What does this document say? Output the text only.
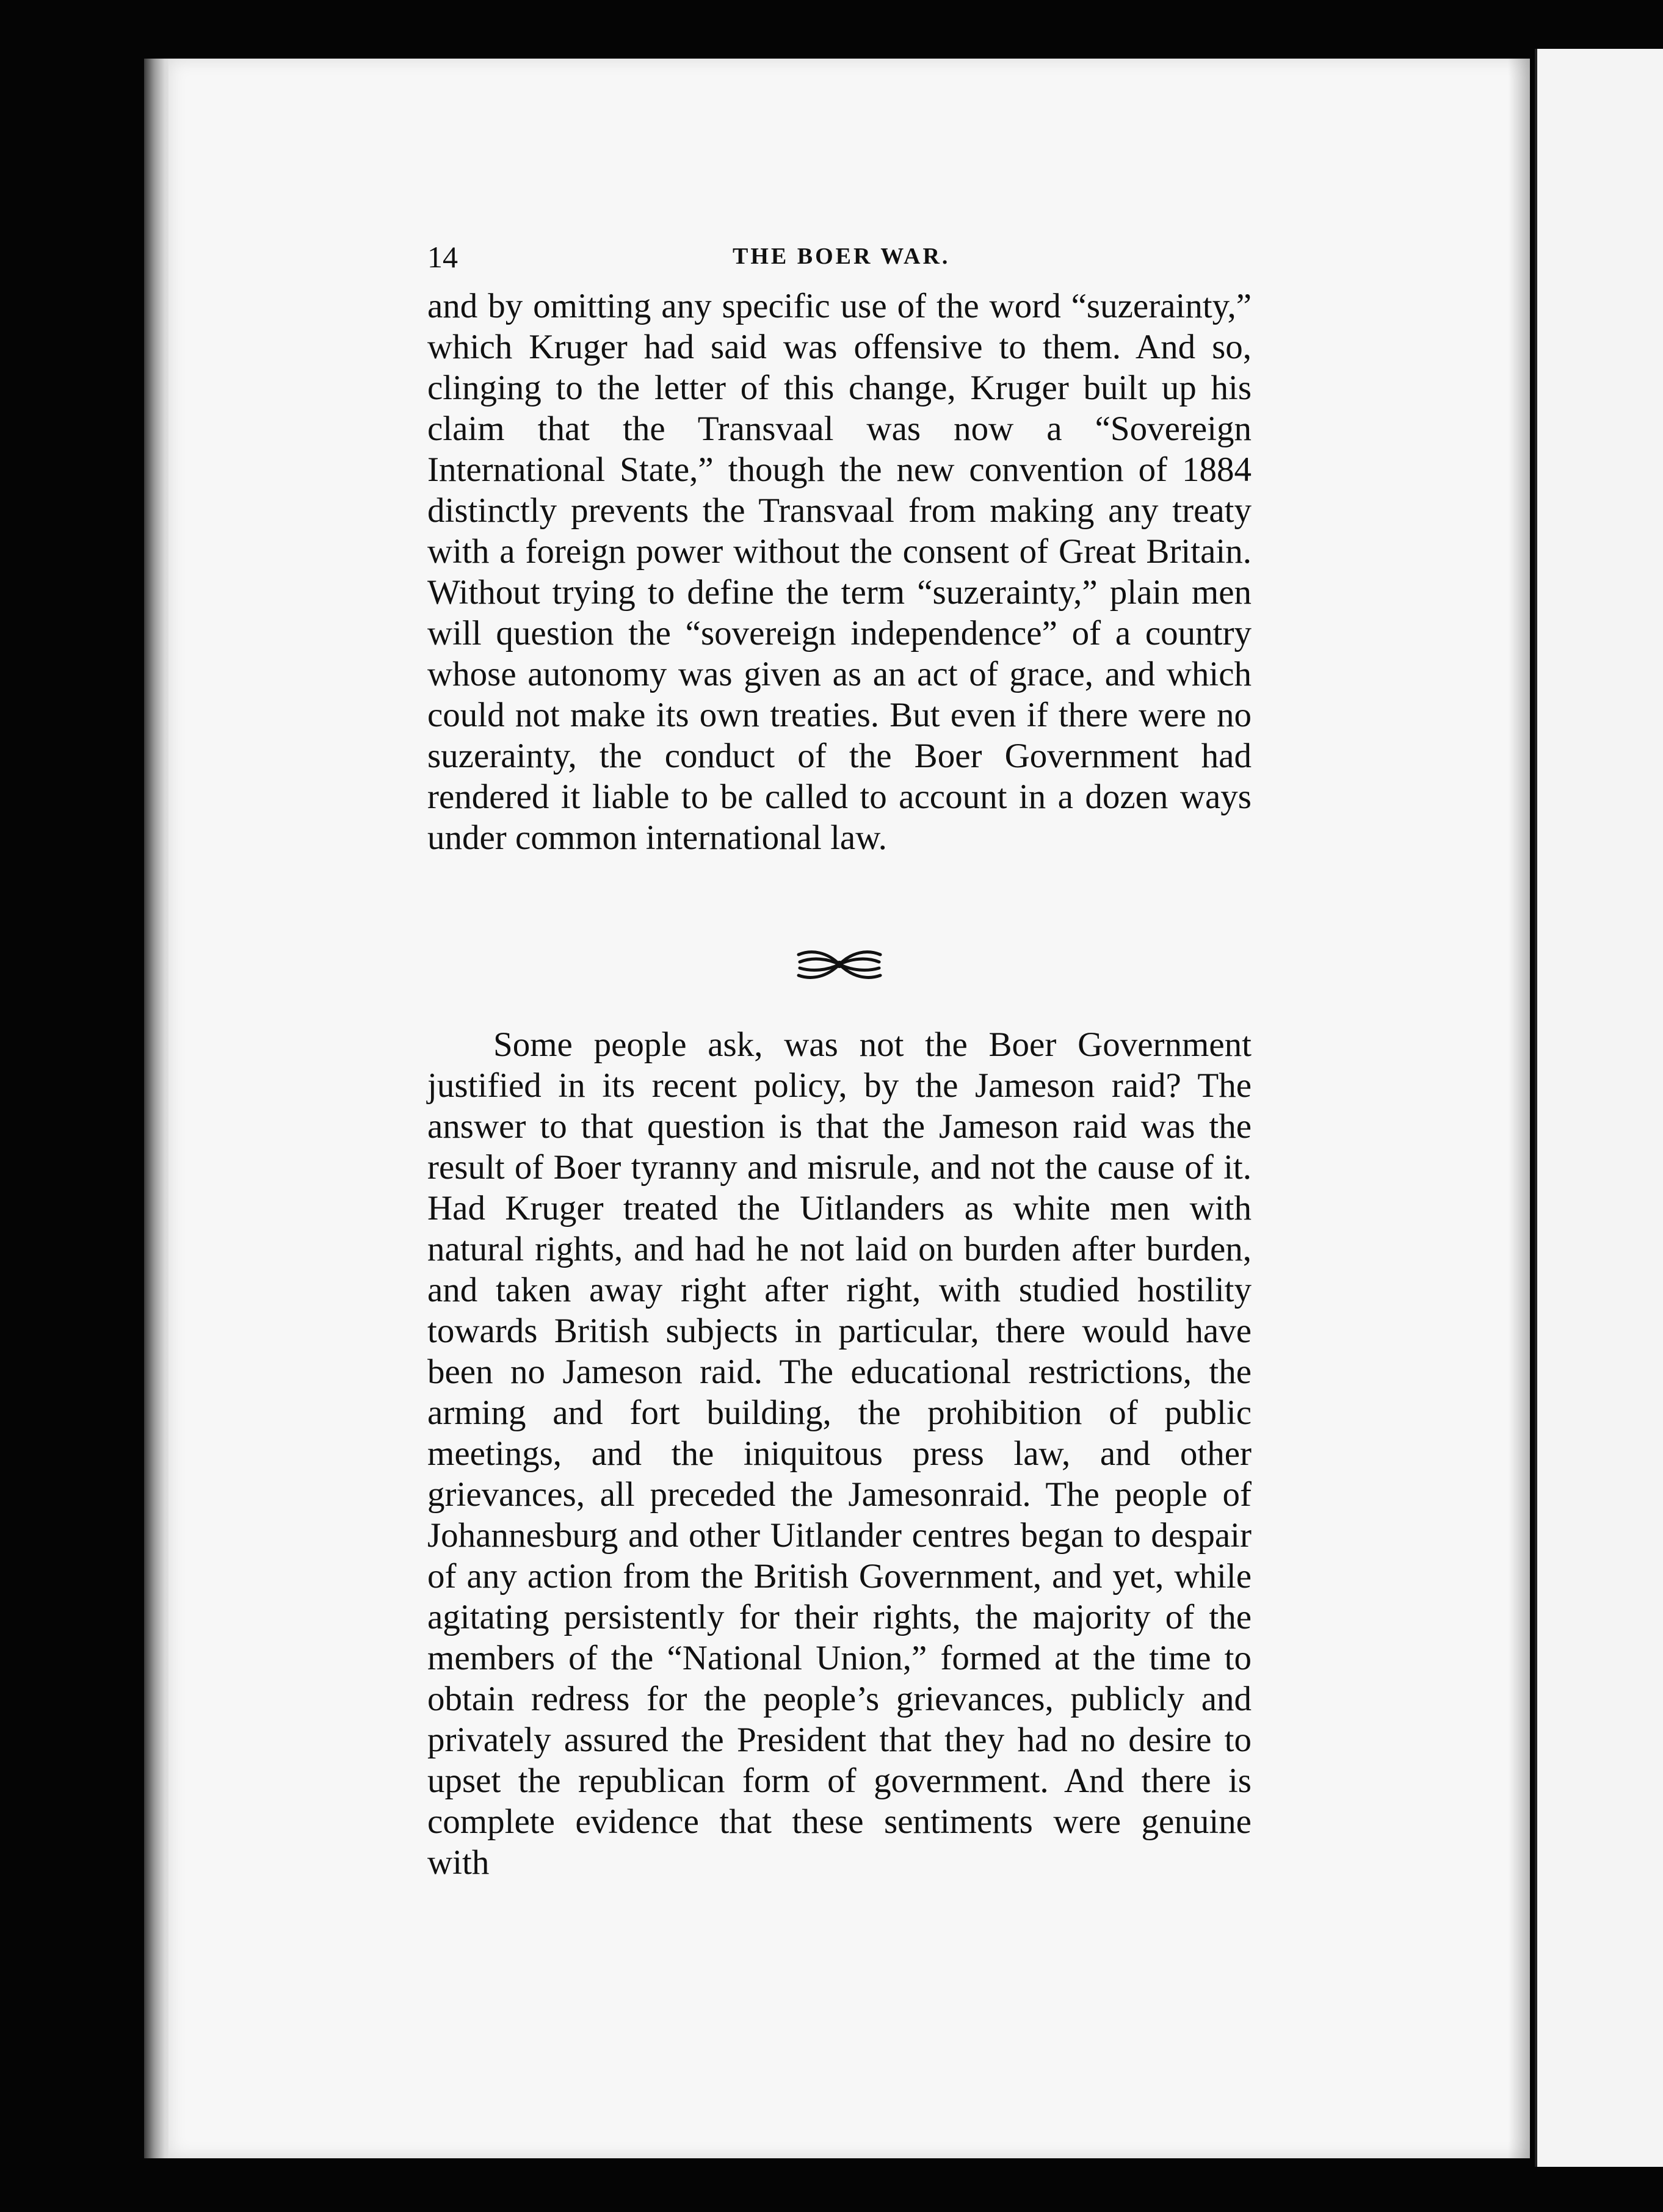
14	THE BOER WAR.

and by omitting any specific use of the word “suzerainty,” which Kruger had said was offensive to them. And so, clinging to the letter of this change, Kruger built up his claim that the Transvaal was now a “Sovereign International State,” though the new convention of 1884 distinctly prevents the Transvaal from making any treaty with a foreign power without the consent of Great Britain. Without trying to define the term “suzerainty,” plain men will question the “sovereign independence” of a country whose autonomy was given as an act of grace, and which could not make its own treaties. But even if there were no suzerainty, the conduct of the Boer Government had rendered it liable to be called to account in a dozen ways under common international law.

Some people ask, was not the Boer Government justified in its recent policy, by the Jameson raid? The answer to that question is that the Jameson raid was the result of Boer tyranny and misrule, and not the cause of it. Had Kruger treated the Uitlanders as white men with natural rights, and had he not laid on burden after burden, and taken away right after right, with studied hostility towards British subjects in particular, there would have been no Jameson raid. The educational restrictions, the arming and fort building, the prohibition of public meetings, and the iniquitous press law, and other grievances, all preceded the Jamesonraid. The people of Johannesburg and other Uitlander centres began to despair of any action from the British Government, and yet, while agitating persistently for their rights, the majority of the members of the “National Union,” formed at the time to obtain redress for the people’s grievances, publicly and privately assured the President that they had no desire to upset the republican form of government. And there is complete evidence that these sentiments were genuine with
